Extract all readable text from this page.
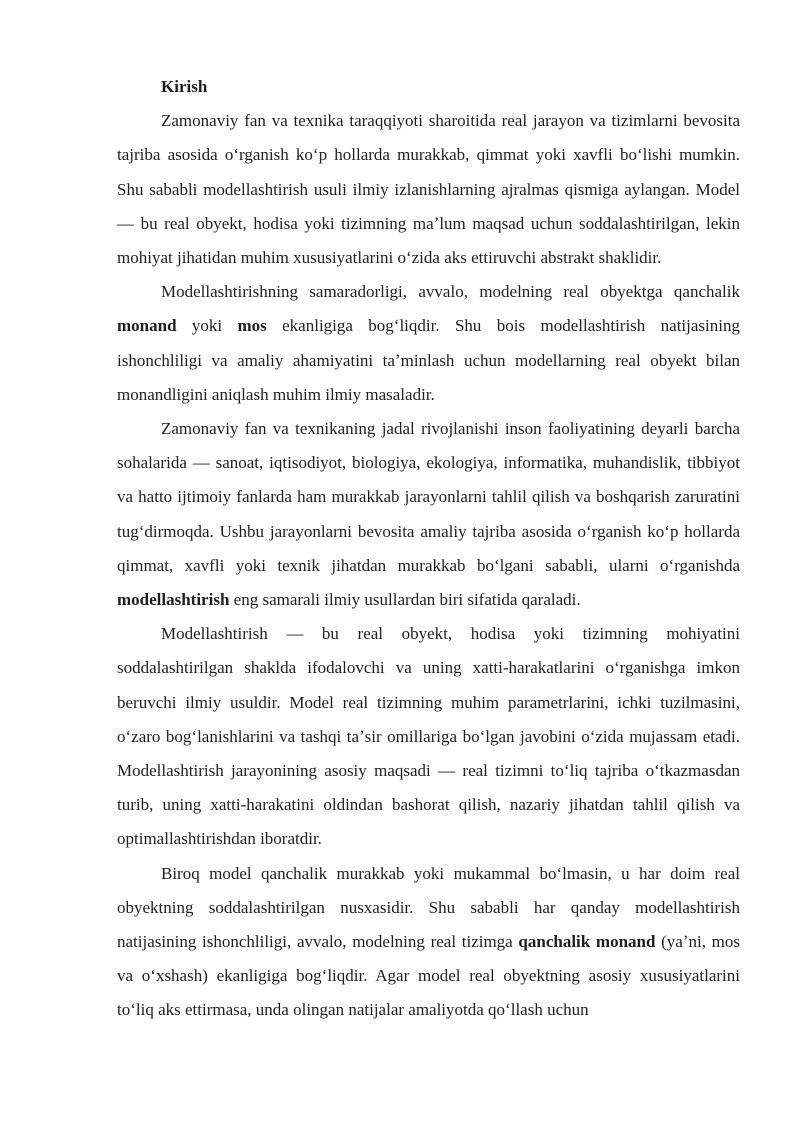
Kirish

Zamonaviy fan va texnika taraqqiyoti sharoitida real jarayon va tizimlarni bevosita tajriba asosida oʻrganish koʻp hollarda murakkab, qimmat yoki xavfli boʻlishi mumkin. Shu sababli modellashtirish usuli ilmiy izlanishlarning ajralmas qismiga aylangan. Model — bu real obyekt, hodisa yoki tizimning maʼlum maqsad uchun soddalashtirilgan, lekin mohiyat jihatidan muhim xususiyatlarini oʻzida aks ettiruvchi abstrakt shaklidir.

Modellashtirishning samaradorligi, avvalo, modelning real obyektga qanchalik monand yoki mos ekanligiga bogʻliqdir. Shu bois modellashtirish natijasining ishonchliligi va amaliy ahamiyatini taʼminlash uchun modellarning real obyekt bilan monandligini aniqlash muhim ilmiy masaladir.

Zamonaviy fan va texnikaning jadal rivojlanishi inson faoliyatining deyarli barcha sohalarida — sanoat, iqtisodiyot, biologiya, ekologiya, informatika, muhandislik, tibbiyot va hatto ijtimoiy fanlarda ham murakkab jarayonlarni tahlil qilish va boshqarish zaruratini tugʻdirmoqda. Ushbu jarayonlarni bevosita amaliy tajriba asosida oʻrganish koʻp hollarda qimmat, xavfli yoki texnik jihatdan murakkab boʻlgani sababli, ularni oʻrganishda modellashtirish eng samarali ilmiy usullardan biri sifatida qaraladi.

Modellashtirish — bu real obyekt, hodisa yoki tizimning mohiyatini soddalashtirilgan shaklda ifodalovchi va uning xatti-harakatlarini oʻrganishga imkon beruvchi ilmiy usuldir. Model real tizimning muhim parametrlarini, ichki tuzilmasini, oʻzaro bogʻlanishlarini va tashqi taʼsir omillariga boʻlgan javobini oʻzida mujassam etadi. Modellashtirish jarayonining asosiy maqsadi — real tizimni toʻliq tajriba oʻtkazmasdan turib, uning xatti-harakatini oldindan bashorat qilish, nazariy jihatdan tahlil qilish va optimallashtirishdan iboratdir.

Biroq model qanchalik murakkab yoki mukammal boʻlmasin, u har doim real obyektning soddalashtirilgan nusxasidir. Shu sababli har qanday modellashtirish natijasining ishonchliligi, avvalo, modelning real tizimga qanchalik monand (yaʼni, mos va oʻxshash) ekanligiga bogʻliqdir. Agar model real obyektning asosiy xususiyatlarini toʻliq aks ettirmasa, unda olingan natijalar amaliyotda qoʻllash uchun
